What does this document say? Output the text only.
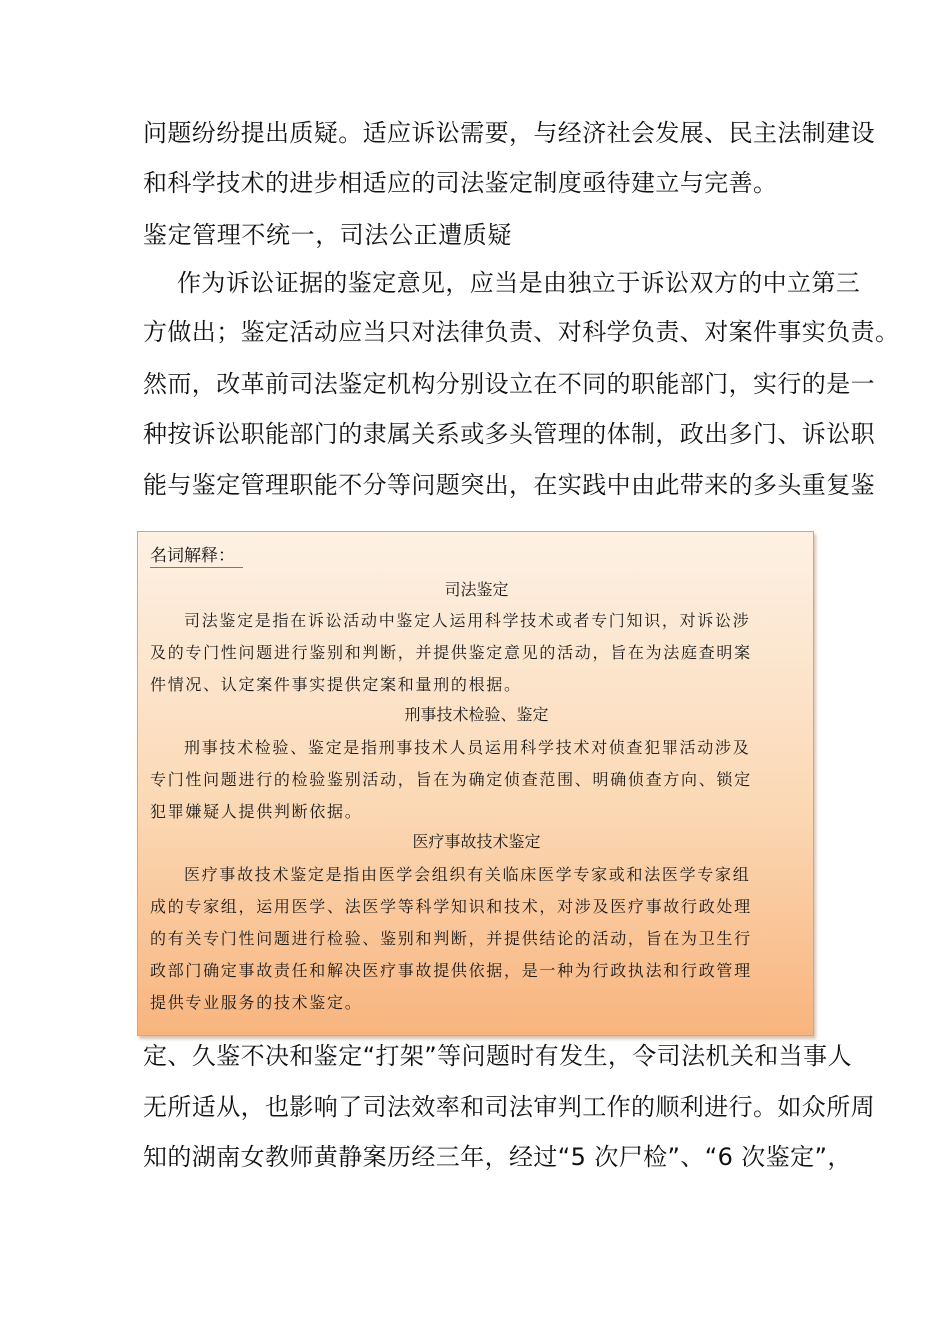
问题纷纷提出质疑。适应诉讼需要，与经济社会发展、民主法制建设
和科学技术的进步相适应的司法鉴定制度亟待建立与完善。
鉴定管理不统一，司法公正遭质疑
作为诉讼证据的鉴定意见，应当是由独立于诉讼双方的中立第三
方做出；鉴定活动应当只对法律负责、对科学负责、对案件事实负责。
然而，改革前司法鉴定机构分别设立在不同的职能部门，实行的是一
种按诉讼职能部门的隶属关系或多头管理的体制，政出多门、诉讼职
能与鉴定管理职能不分等问题突出，在实践中由此带来的多头重复鉴
名词解释：
司法鉴定
司法鉴定是指在诉讼活动中鉴定人运用科学技术或者专门知识，对诉讼涉
及的专门性问题进行鉴别和判断，并提供鉴定意见的活动，旨在为法庭查明案
件情况、认定案件事实提供定案和量刑的根据。
刑事技术检验、鉴定
刑事技术检验、鉴定是指刑事技术人员运用科学技术对侦查犯罪活动涉及
专门性问题进行的检验鉴别活动，旨在为确定侦查范围、明确侦查方向、锁定
犯罪嫌疑人提供判断依据。
医疗事故技术鉴定
医疗事故技术鉴定是指由医学会组织有关临床医学专家或和法医学专家组
成的专家组，运用医学、法医学等科学知识和技术，对涉及医疗事故行政处理
的有关专门性问题进行检验、鉴别和判断，并提供结论的活动，旨在为卫生行
政部门确定事故责任和解决医疗事故提供依据，是一种为行政执法和行政管理
提供专业服务的技术鉴定。
定、久鉴不决和鉴定“打架”等问题时有发生，令司法机关和当事人
无所适从，也影响了司法效率和司法审判工作的顺利进行。如众所周
知的湖南女教师黄静案历经三年，经过“5 次尸检”、“6 次鉴定”，
